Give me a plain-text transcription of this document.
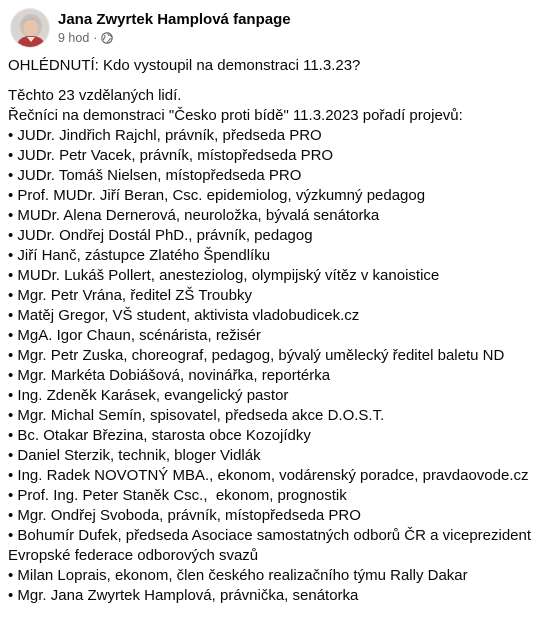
Jana Zwyrtek Hamplová fanpage
9 hod ·

OHLÉDNUTÍ: Kdo vystoupil na demonstraci 11.3.23?

Těchto 23 vzdělaných lidí.

Řečníci na demonstraci "Česko proti bídě" 11.3.2023 pořadí projevů:

• JUDr. Jindřich Rajchl, právník, předseda PRO
• JUDr. Petr Vacek, právník, místopředseda PRO
• JUDr. Tomáš Nielsen, místopředseda PRO
• Prof. MUDr. Jiří Beran, Csc. epidemiolog, výzkumný pedagog
• MUDr. Alena Dernerová, neuroložka, bývalá senátorka
• JUDr. Ondřej Dostál PhD., právník, pedagog
• Jiří Hanč, zástupce Zlatého Špendlíku
• MUDr. Lukáš Pollert, anesteziolog, olympijský vítěz v kanoistice
• Mgr. Petr Vrána, ředitel ZŠ Troubky
• Matěj Gregor, VŠ student, aktivista vladobudicek.cz
• MgA. Igor Chaun, scénárista, režisér
• Mgr. Petr Zuska, choreograf, pedagog, bývalý umělecký ředitel baletu ND
• Mgr. Markéta Dobiášová, novinářka, reportérka
• Ing. Zdeněk Karásek, evangelický pastor
• Mgr. Michal Semín, spisovatel, předseda akce D.O.S.T.
• Bc. Otakar Březina, starosta obce Kozojídky
• Daniel Sterzik, technik, bloger Vidlák
• Ing. Radek NOVOTNÝ MBA., ekonom, vodárenský poradce, pravdaovode.cz
• Prof. Ing. Peter Staněk Csc.,  ekonom, prognostik
• Mgr. Ondřej Svoboda, právník, místopředseda PRO
• Bohumír Dufek, předseda Asociace samostatných odborů ČR a viceprezident Evropské federace odborových svazů
• Milan Loprais, ekonom, člen českého realizačního týmu Rally Dakar
• Mgr. Jana Zwyrtek Hamplová, právnička, senátorka
